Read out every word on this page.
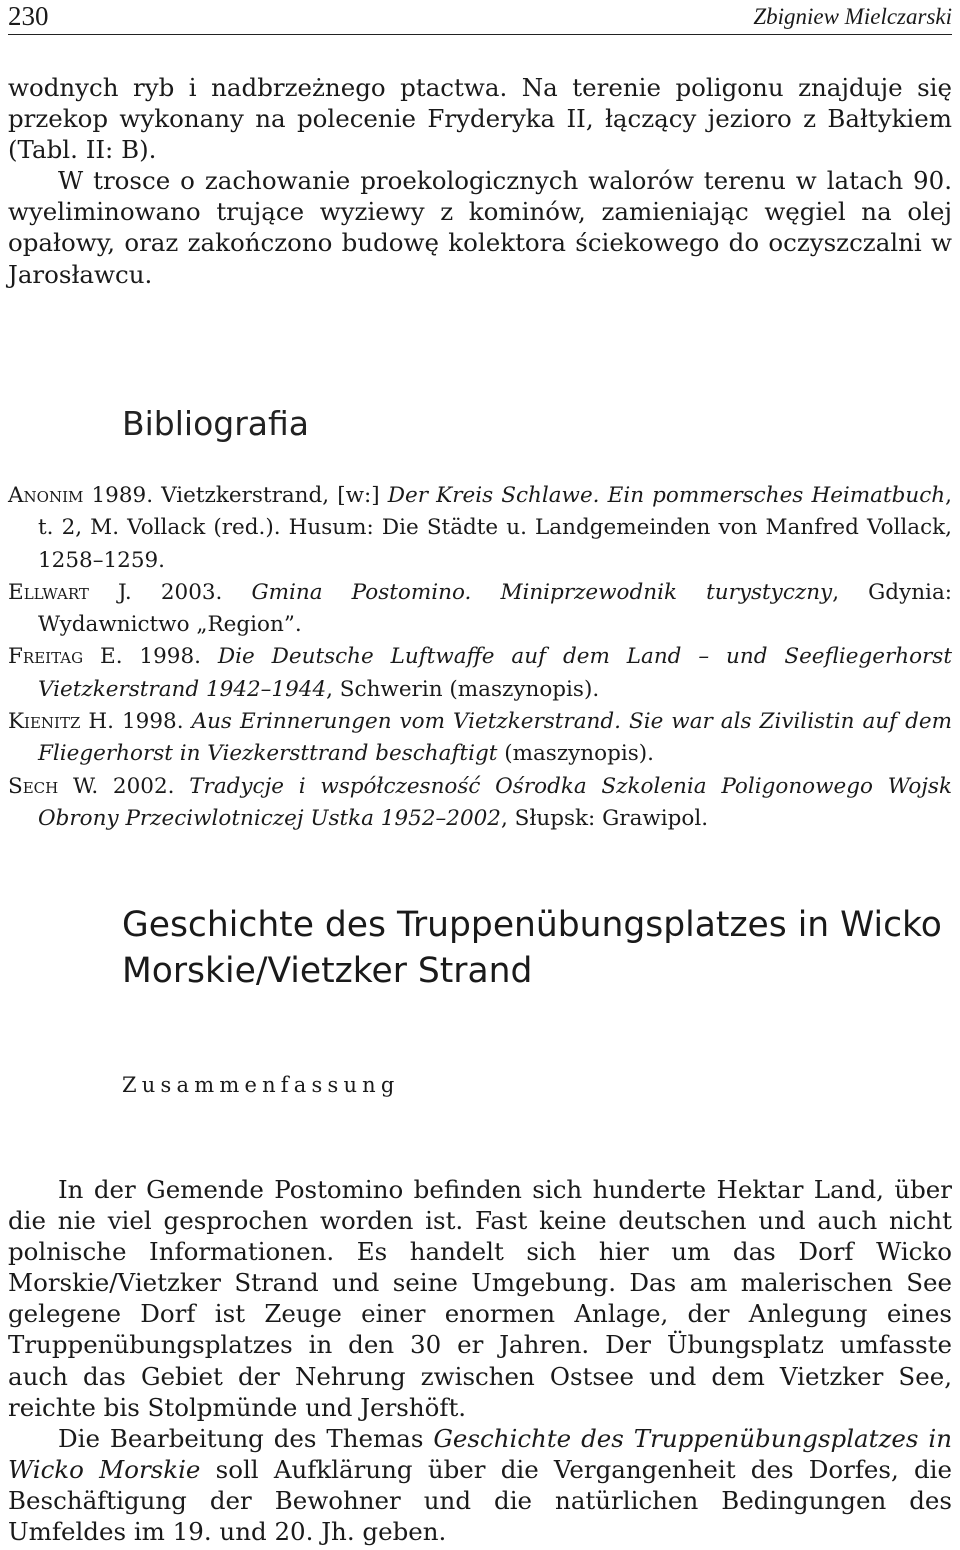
230	Zbigniew Mielczarski

wodnych ryb i nadbrzeżnego ptactwa. Na terenie poligonu znajduje się przekop wykonany na polecenie Fryderyka II, łączący jezioro z Bałtykiem (Tabl. II: B).

W trosce o zachowanie proekologicznych walorów terenu w latach 90. wyeliminowano trujące wyziewy z kominów, zamieniając węgiel na olej opałowy, oraz zakończono budowę kolektora ściekowego do oczyszczalni w Jarosławcu.

Bibliografia
Anonim 1989. Vietzkerstrand, [w:] Der Kreis Schlawe. Ein pommersches Heimatbuch, t. 2, M. Vollack (red.). Husum: Die Städte u. Landgemeinden von Manfred Vollack, 1258–1259.
Ellwart J. 2003. Gmina Postomino. Miniprzewodnik turystyczny, Gdynia: Wydawnictwo „Region”.
Freitag E. 1998. Die Deutsche Luftwaffe auf dem Land – und Seefliegerhorst Vietzkerstrand 1942–1944, Schwerin (maszynopis).
Kienitz H. 1998. Aus Erinnerungen vom Vietzkerstrand. Sie war als Zivilistin auf dem Fliegerhorst in Viezkersttrand beschaftigt (maszynopis).
Sech W. 2002. Tradycje i współczesność Ośrodka Szkolenia Poligonowego Wojsk Obrony Przeciwlotniczej Ustka 1952–2002, Słupsk: Grawipol.
Geschichte des Truppenübungsplatzes in Wicko Morskie/Vietzker Strand
Zusammenfassung

In der Gemende Postomino befinden sich hunderte Hektar Land, über die nie viel gesprochen worden ist. Fast keine deutschen und auch nicht polnische Informationen. Es handelt sich hier um das Dorf Wicko Morskie/Vietzker Strand und seine Umgebung. Das am malerischen See gelegene Dorf ist Zeuge einer enormen Anlage, der Anlegung eines Truppenübungsplatzes in den 30 er Jahren. Der Übungsplatz umfasste auch das Gebiet der Nehrung zwischen Ostsee und dem Vietzker See, reichte bis Stolpmünde und Jershöft.

Die Bearbeitung des Themas Geschichte des Truppenübungsplatzes in Wicko Morskie soll Aufklärung über die Vergangenheit des Dorfes, die Beschäftigung der Bewohner und die natürlichen Bedingungen des Umfeldes im 19. und 20. Jh. geben.
